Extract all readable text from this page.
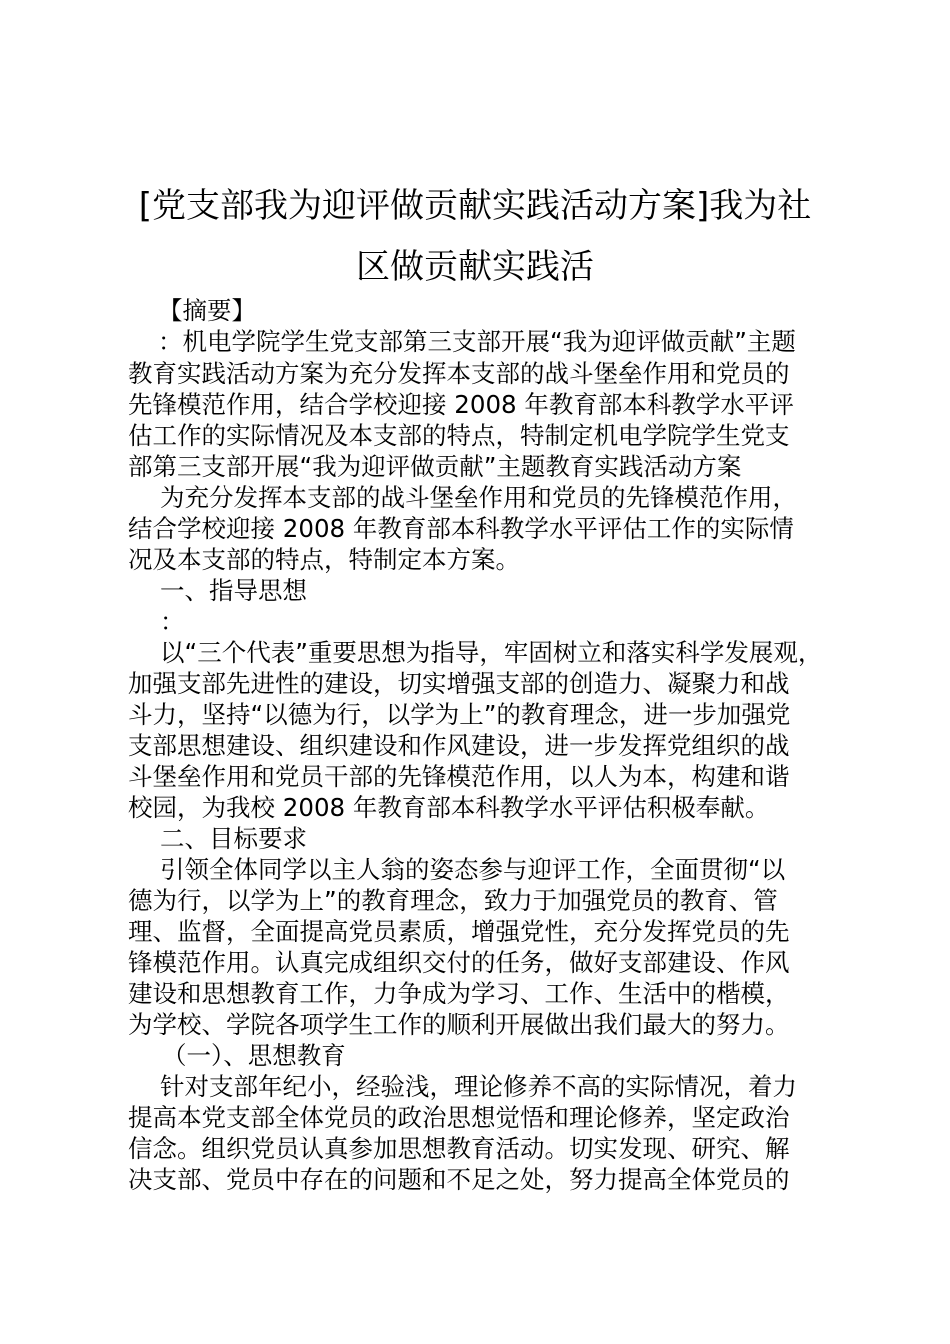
[党支部我为迎评做贡献实践活动方案]我为社
区做贡献实践活
【摘要】
：机电学院学生党支部第三支部开展“我为迎评做贡献”主题
教育实践活动方案为充分发挥本支部的战斗堡垒作用和党员的
先锋模范作用，结合学校迎接 2008 年教育部本科教学水平评
估工作的实际情况及本支部的特点，特制定机电学院学生党支
部第三支部开展“我为迎评做贡献”主题教育实践活动方案
为充分发挥本支部的战斗堡垒作用和党员的先锋模范作用，
结合学校迎接 2008 年教育部本科教学水平评估工作的实际情
况及本支部的特点，特制定本方案。
一、指导思想
：
以“三个代表”重要思想为指导，牢固树立和落实科学发展观，
加强支部先进性的建设，切实增强支部的创造力、凝聚力和战
斗力，坚持“以德为行，以学为上”的教育理念，进一步加强党
支部思想建设、组织建设和作风建设，进一步发挥党组织的战
斗堡垒作用和党员干部的先锋模范作用，以人为本，构建和谐
校园，为我校 2008 年教育部本科教学水平评估积极奉献。
二、目标要求
引领全体同学以主人翁的姿态参与迎评工作，全面贯彻“以
德为行，以学为上”的教育理念，致力于加强党员的教育、管
理、监督，全面提高党员素质，增强党性，充分发挥党员的先
锋模范作用。认真完成组织交付的任务，做好支部建设、作风
建设和思想教育工作，力争成为学习、工作、生活中的楷模，
为学校、学院各项学生工作的顺利开展做出我们最大的努力。
（一）、思想教育
针对支部年纪小，经验浅，理论修养不高的实际情况，着力
提高本党支部全体党员的政治思想觉悟和理论修养，坚定政治
信念。组织党员认真参加思想教育活动。切实发现、研究、解
决支部、党员中存在的问题和不足之处，努力提高全体党员的
